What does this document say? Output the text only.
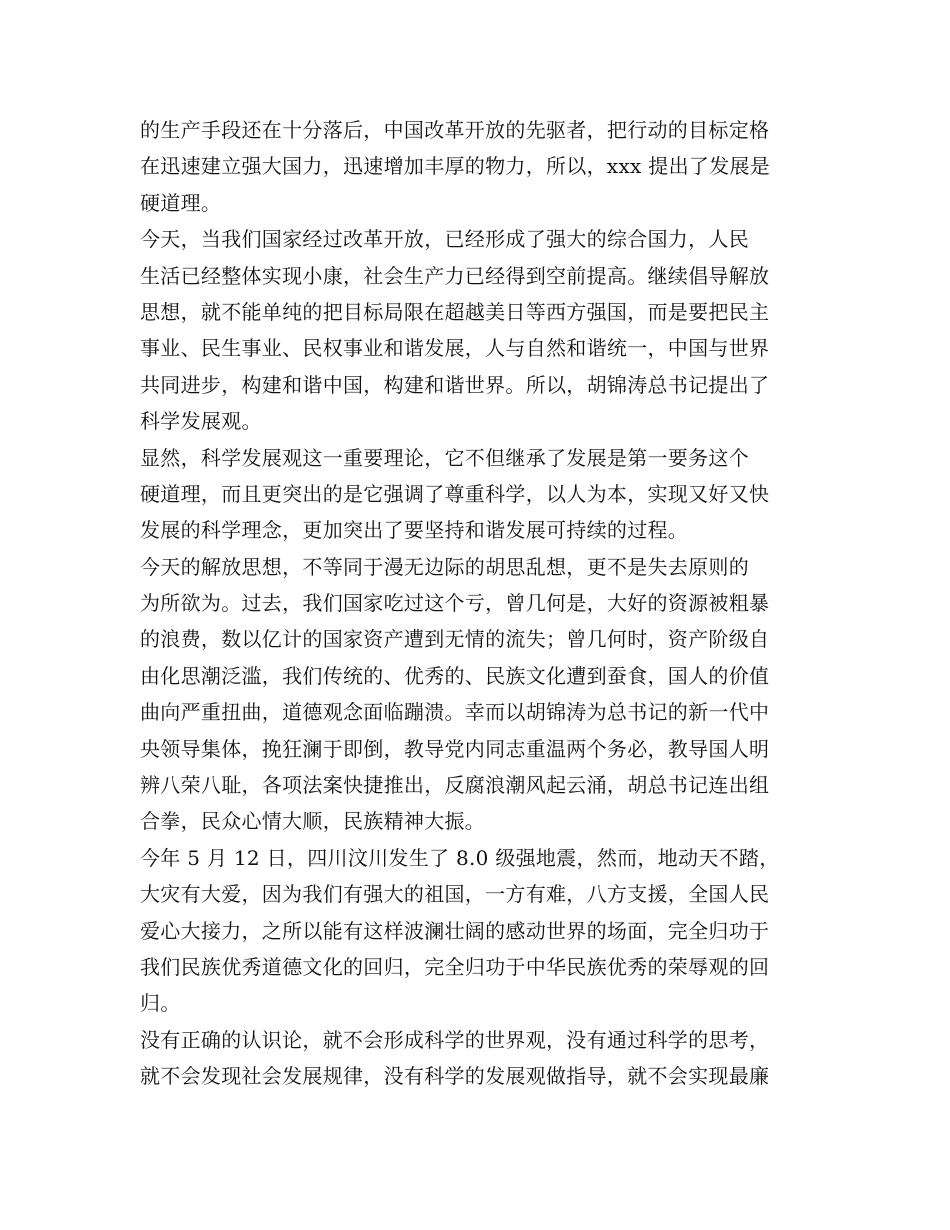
的生产手段还在十分落后，中国改革开放的先驱者，把行动的目标定格
在迅速建立强大国力，迅速增加丰厚的物力，所以，xxx 提出了发展是
硬道理。
今天，当我们国家经过改革开放，已经形成了强大的综合国力，人民
生活已经整体实现小康，社会生产力已经得到空前提高。继续倡导解放
思想，就不能单纯的把目标局限在超越美日等西方强国，而是要把民主
事业、民生事业、民权事业和谐发展，人与自然和谐统一，中国与世界
共同进步，构建和谐中国，构建和谐世界。所以，胡锦涛总书记提出了
科学发展观。
显然，科学发展观这一重要理论，它不但继承了发展是第一要务这个
硬道理，而且更突出的是它强调了尊重科学，以人为本，实现又好又快
发展的科学理念，更加突出了要坚持和谐发展可持续的过程。
今天的解放思想，不等同于漫无边际的胡思乱想，更不是失去原则的
为所欲为。过去，我们国家吃过这个亏，曾几何是，大好的资源被粗暴
的浪费，数以亿计的国家资产遭到无情的流失；曾几何时，资产阶级自
由化思潮泛滥，我们传统的、优秀的、民族文化遭到蚕食，国人的价值
曲向严重扭曲，道德观念面临蹦溃。幸而以胡锦涛为总书记的新一代中
央领导集体，挽狂澜于即倒，教导党内同志重温两个务必，教导国人明
辨八荣八耻，各项法案快捷推出，反腐浪潮风起云涌，胡总书记连出组
合拳，民众心情大顺，民族精神大振。
今年 5 月 12 日，四川汶川发生了 8.0 级强地震，然而，地动天不踏，
大灾有大爱，因为我们有强大的祖国，一方有难，八方支援，全国人民
爱心大接力，之所以能有这样波澜壮阔的感动世界的场面，完全归功于
我们民族优秀道德文化的回归，完全归功于中华民族优秀的荣辱观的回
归。
没有正确的认识论，就不会形成科学的世界观，没有通过科学的思考，
就不会发现社会发展规律，没有科学的发展观做指导，就不会实现最廉
